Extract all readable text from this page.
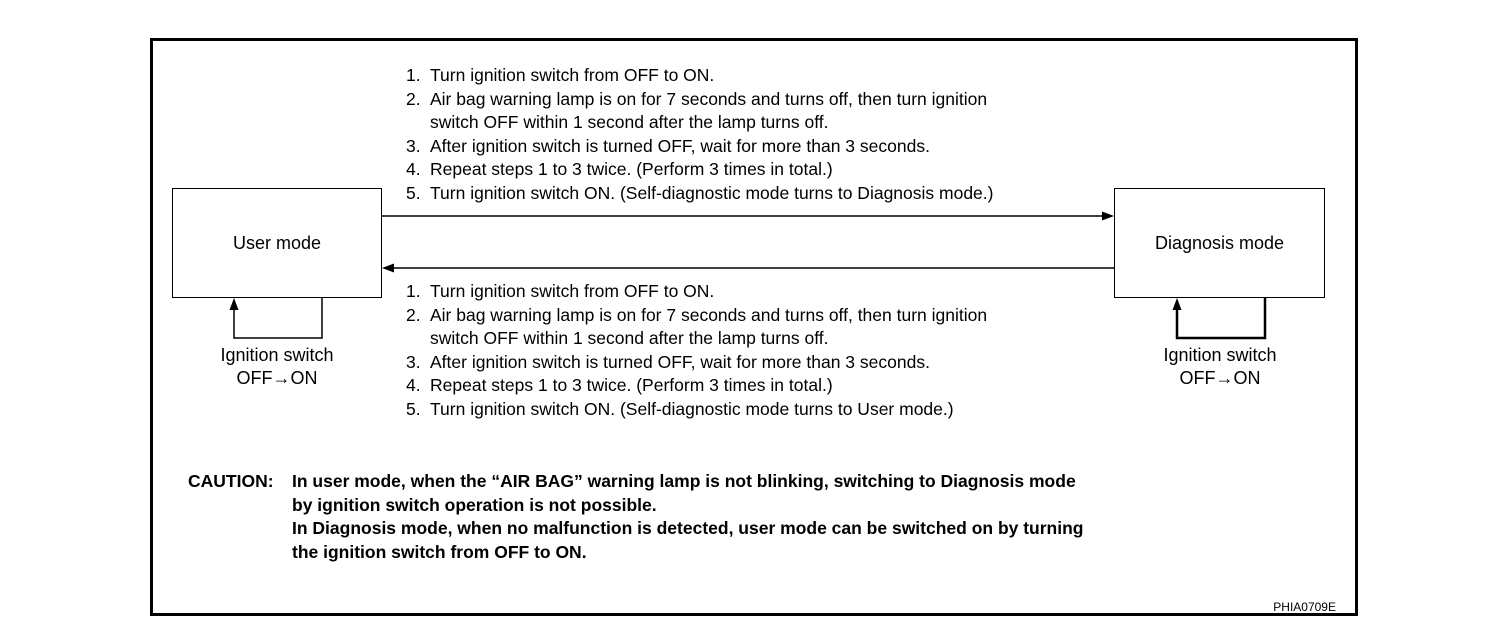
User mode	Diagnosis mode
1. Turn ignition switch from OFF to ON.
2. Air bag warning lamp is on for 7 seconds and turns off, then turn ignition
switch OFF within 1 second after the lamp turns off.
3. After ignition switch is turned OFF, wait for more than 3 seconds.
4. Repeat steps 1 to 3 twice. (Perform 3 times in total.)
5. Turn ignition switch ON. (Self-diagnostic mode turns to Diagnosis mode.)
1. Turn ignition switch from OFF to ON.
2. Air bag warning lamp is on for 7 seconds and turns off, then turn ignition
switch OFF within 1 second after the lamp turns off.
3. After ignition switch is turned OFF, wait for more than 3 seconds.
4. Repeat steps 1 to 3 twice. (Perform 3 times in total.)
5. Turn ignition switch ON. (Self-diagnostic mode turns to User mode.)
Ignition switch
OFF→ON
Ignition switch
OFF→ON
CAUTION: In user mode, when the “AIR BAG” warning lamp is not blinking, switching to Diagnosis mode
by ignition switch operation is not possible.
In Diagnosis mode, when no malfunction is detected, user mode can be switched on by turning
the ignition switch from OFF to ON.
PHIA0709E
